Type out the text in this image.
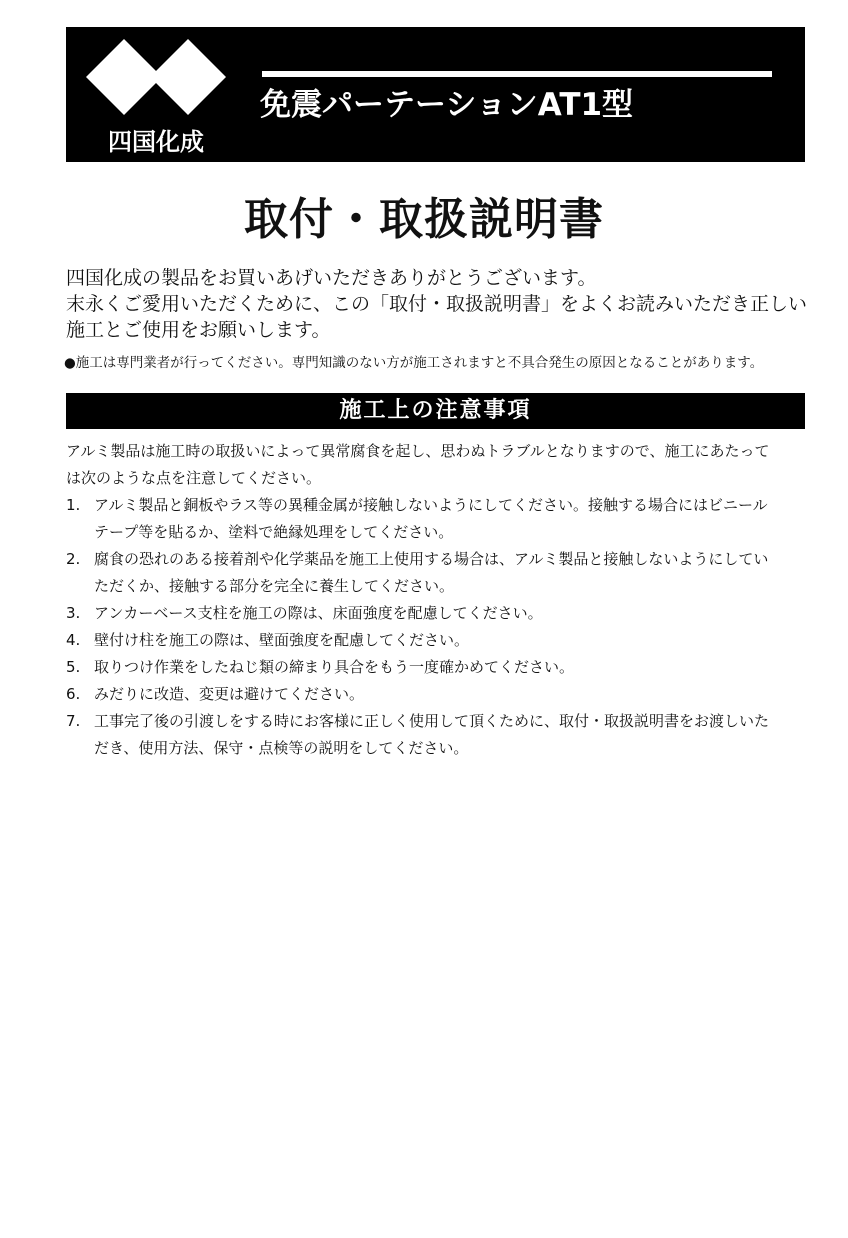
四国化成
免震パーテーションAT1型
取付・取扱説明書
四国化成の製品をお買いあげいただきありがとうございます。
末永くご愛用いただくために、この「取付・取扱説明書」をよくお読みいただき正しい
施工とご使用をお願いします。
●施工は専門業者が行ってください。専門知識のない方が施工されますと不具合発生の原因となることがあります。
施工上の注意事項
アルミ製品は施工時の取扱いによって異常腐食を起し、思わぬトラブルとなりますので、施工にあたって
は次のような点を注意してください。
1. アルミ製品と銅板やラス等の異種金属が接触しないようにしてください。接触する場合にはビニール
テープ等を貼るか、塗料で絶縁処理をしてください。
2. 腐食の恐れのある接着剤や化学薬品を施工上使用する場合は、アルミ製品と接触しないようにしてい
ただくか、接触する部分を完全に養生してください。
3. アンカーベース支柱を施工の際は、床面強度を配慮してください。
4. 壁付け柱を施工の際は、壁面強度を配慮してください。
5. 取りつけ作業をしたねじ類の締まり具合をもう一度確かめてください。
6. みだりに改造、変更は避けてください。
7. 工事完了後の引渡しをする時にお客様に正しく使用して頂くために、取付・取扱説明書をお渡しいた
だき、使用方法、保守・点検等の説明をしてください。
